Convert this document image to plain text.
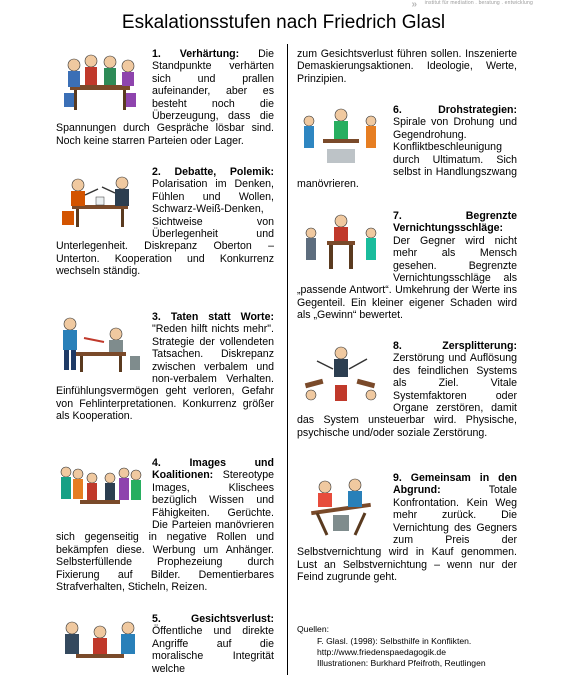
» institut für mediation . beratung . entwicklung
Eskalationsstufen nach Friedrich Glasl
1. Verhärtung: Die Standpunkte verhärten sich und prallen aufeinander, aber es besteht noch die Überzeugung, dass die Spannungen durch Gespräche lösbar sind. Noch keine starren Parteien oder Lager.
2. Debatte, Polemik: Polarisation im Denken, Fühlen und Wollen, Schwarz-Weiß-Denken, Sichtweise von Überlegenheit und Unterlegenheit. Diskrepanz Oberton – Unterton. Kooperation und Konkurrenz wechseln ständig.
3. Taten statt Worte: "Reden hilft nichts mehr". Strategie der vollendeten Tatsachen. Diskrepanz zwischen verbalem und non-verbalem Verhalten. Einfühlungsvermögen geht verloren, Gefahr von Fehlinterpretationen. Konkurrenz größer als Kooperation.
4. Images und Koalitionen: Stereotype Images, Klischees bezüglich Wissen und Fähigkeiten. Gerüchte. Die Parteien manövrieren sich gegenseitig in negative Rollen und bekämpfen diese. Werbung um Anhänger. Selbsterfüllende Prophezeiung durch Fixierung auf Bilder. Dementierbares Strafverhalten, Sticheln, Reizen.
5. Gesichtsverlust: Öffentliche und direkte Angriffe auf die moralische Integrität welche
zum Gesichtsverlust führen sollen. Inszenierte Demaskierungsaktionen. Ideologie, Werte, Prinzipien.
6. Drohstrategien: Spirale von Drohung und Gegendrohung. Konfliktbeschleunigung durch Ultimatum. Sich selbst in Handlungszwang manövrieren.
7. Begrenzte Vernichtungsschläge: Der Gegner wird nicht mehr als Mensch gesehen. Begrenzte Vernichtungsschläge als „passende Antwort“. Umkehrung der Werte ins Gegenteil. Ein kleiner eigener Schaden wird als „Gewinn“ bewertet.
8. Zersplitterung: Zerstörung und Auflösung des feindlichen Systems als Ziel. Vitale Systemfaktoren oder Organe zerstören, damit das System unsteuerbar wird. Physische, psychische und/oder soziale Zerstörung.
9. Gemeinsam in den Abgrund:	Totale Konfrontation. Kein Weg mehr zurück. Die Vernichtung des Gegners zum Preis der Selbstvernichtung wird in Kauf genommen. Lust an Selbstvernichtung – wenn nur der Feind zugrunde geht.
Quellen:
F. Glasl. (1998): Selbsthilfe in Konflikten.
http://www.friedenspaedagogik.de
Illustrationen: Burkhard Pfeifroth, Reutlingen
